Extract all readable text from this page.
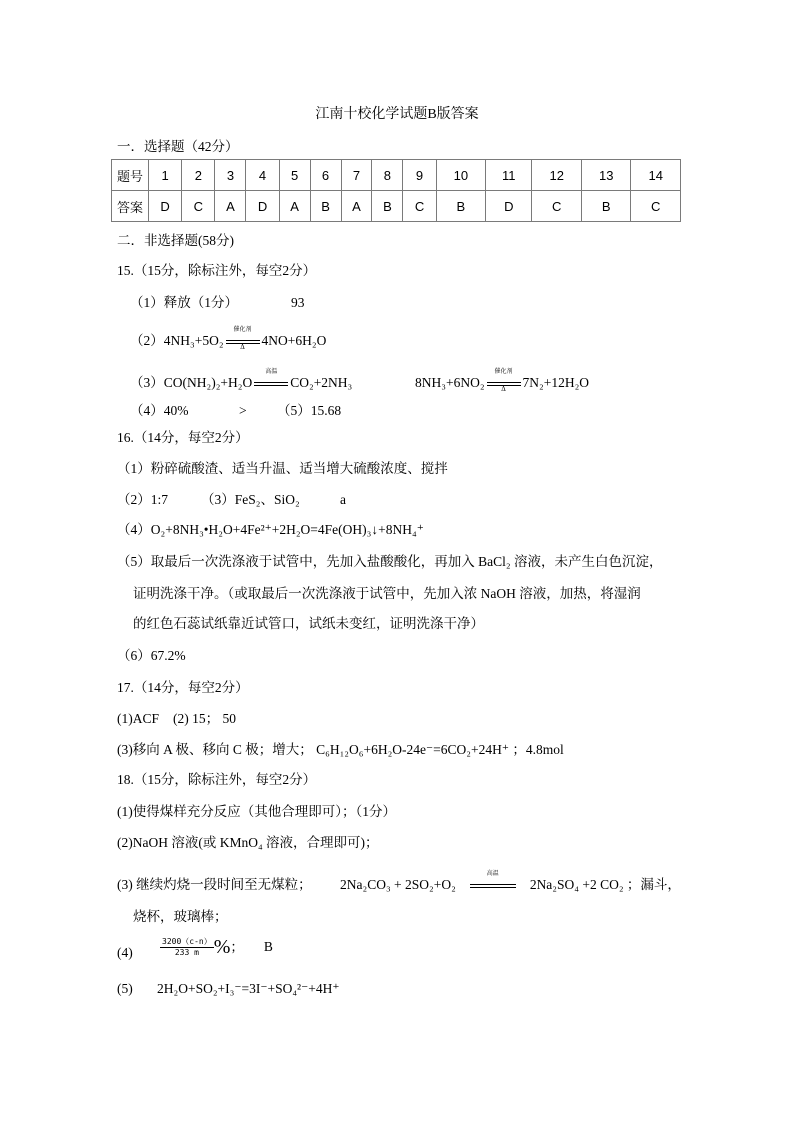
江南十校化学试题B版答案
一．选择题（42分）
题号	1	2	3	4	5	6	7	8	9	10	11	12	13	14
答案	D	C	A	D	A	B	A	B	C	B	D	C	B	C
二．非选择题(58分)
15.（15分，除标注外，每空2分）
（1）释放（1分）	93
（2）4NH₃+5O₂
催化剂
Δ	4NO+6H₂O
（3）CO(NH₂)₂+H₂O
高温
CO₂+2NH₃	8NH₃+6NO₂
催化剂
Δ	7N₂+12H₂O
（4）40%	> （5）15.68
16.（14分，每空2分）
（1）粉碎硫酸渣、适当升温、适当增大硫酸浓度、搅拌
（2）1:7 （3）FeS₂、SiO₂	a
（4）O₂+8NH₃•H₂O+4Fe²⁺+2H₂O=4Fe(OH)₃↓+8NH₄⁺
（5）取最后一次洗涤液于试管中，先加入盐酸酸化，再加入 BaCl₂ 溶液，未产生白色沉淀，
证明洗涤干净。（或取最后一次洗涤液于试管中，先加入浓 NaOH 溶液，加热，将湿润
的红色石蕊试纸靠近试管口，试纸未变红，证明洗涤干净）
（6）67.2%
17.（14分，每空2分）
(1)ACF (2) 15； 50
(3)移向 A 极、移向 C 极；增大； C₆H₁₂O₆+6H₂O-24e⁻=6CO₂+24H⁺ ；4.8mol
18.（15分，除标注外，每空2分）
(1)使得煤样充分反应（其他合理即可）；（1分）
(2)NaOH 溶液(或 KMnO₄ 溶液，合理即可)；
(3) 继续灼烧一段时间至无煤粒； 2Na₂CO₃ + 2SO₂+O₂
高温
2Na₂SO₄ +2 CO₂ ；漏斗，
烧杯，玻璃棒；
(4)	$\frac{3200(c-n)}{233 m}$ %； B
(5) 2H₂O+SO₂+I₃⁻=3I⁻+SO₄²⁻+4H⁺
